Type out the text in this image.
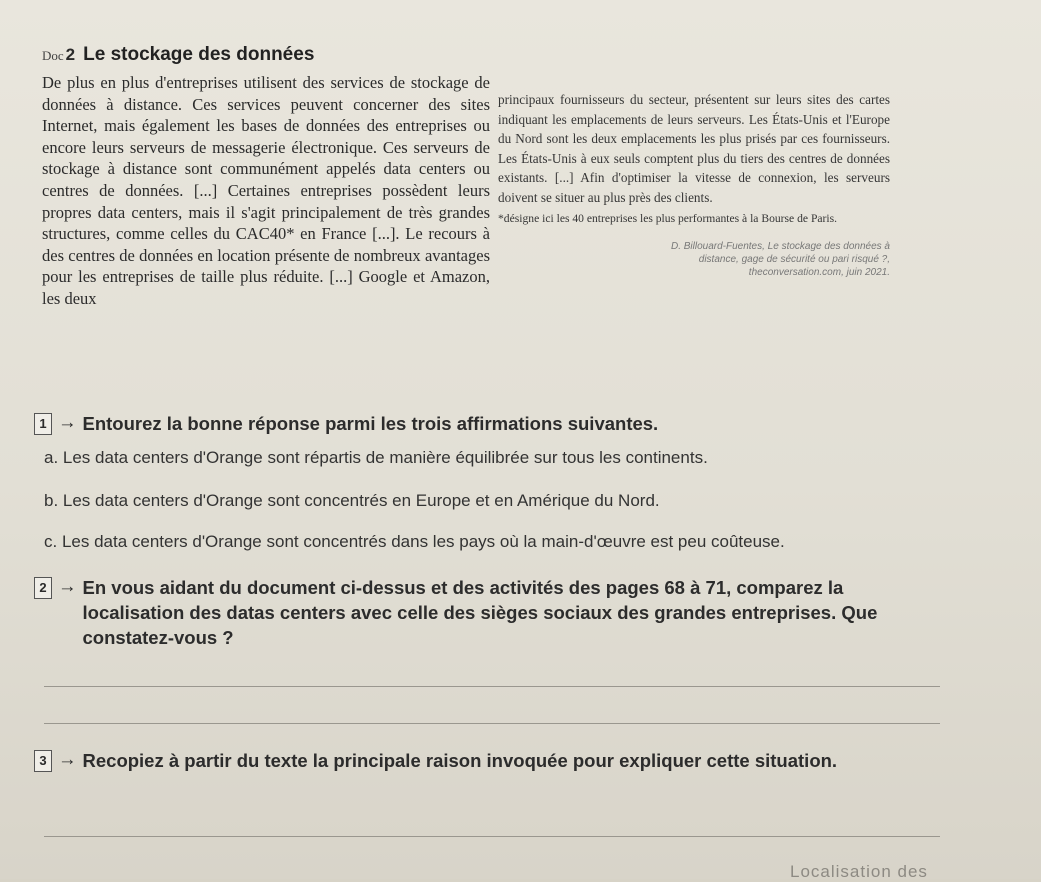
Doc 2 Le stockage des données

De plus en plus d'entreprises utilisent des services de stockage de données à distance. Ces services peuvent concerner des sites Internet, mais également les bases de données des entreprises ou encore leurs serveurs de messagerie électronique. Ces serveurs de stockage à distance sont communément appelés data centers ou centres de données. [...] Certaines entreprises possèdent leurs propres data centers, mais il s'agit principalement de très grandes structures, comme celles du CAC40* en France [...]. Le recours à des centres de données en location présente de nombreux avantages pour les entreprises de taille plus réduite. [...] Google et Amazon, les deux

principaux fournisseurs du secteur, présentent sur leurs sites des cartes indiquant les emplacements de leurs serveurs. Les États-Unis et l'Europe du Nord sont les deux emplacements les plus prisés par ces fournisseurs. Les États-Unis à eux seuls comptent plus du tiers des centres de données existants. [...] Afin d'optimiser la vitesse de connexion, les serveurs doivent se situer au plus près des clients.

*désigne ici les 40 entreprises les plus performantes à la Bourse de Paris.

D. Billouard-Fuentes, Le stockage des données à distance, gage de sécurité ou pari risqué ?, theconversation.com, juin 2021.

1 → Entourez la bonne réponse parmi les trois affirmations suivantes.
a. Les data centers d'Orange sont répartis de manière équilibrée sur tous les continents.
b. Les data centers d'Orange sont concentrés en Europe et en Amérique du Nord.
c. Les data centers d'Orange sont concentrés dans les pays où la main-d'œuvre est peu coûteuse.
2 → En vous aidant du document ci-dessus et des activités des pages 68 à 71, comparez la localisation des datas centers avec celle des sièges sociaux des grandes entreprises. Que constatez-vous ?
3 → Recopiez à partir du texte la principale raison invoquée pour expliquer cette situation.
Localisation des
